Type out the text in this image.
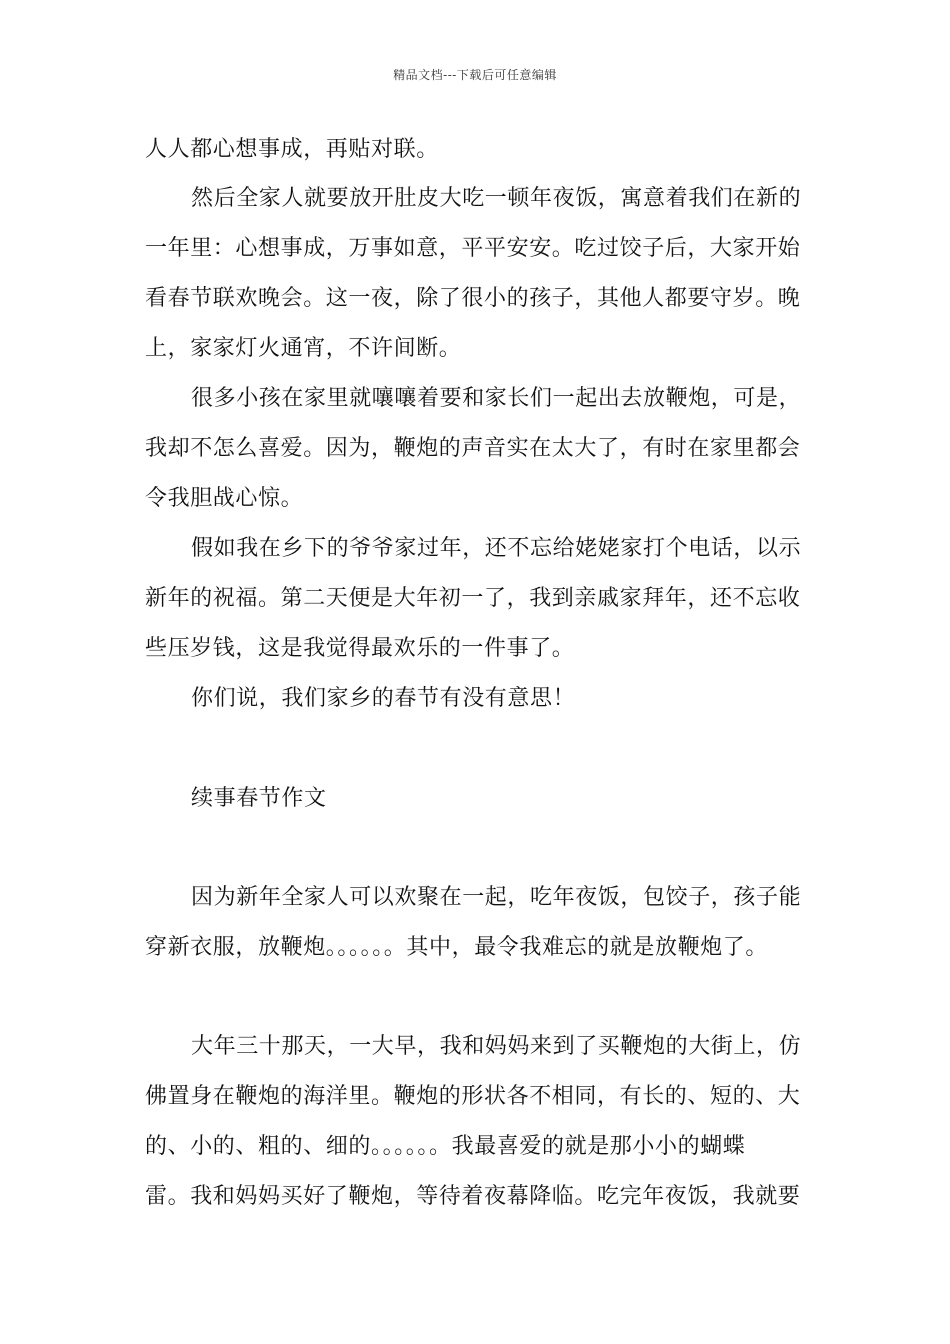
精品文档---下载后可任意编辑
人人都心想事成，再贴对联。
然后全家人就要放开肚皮大吃一顿年夜饭，寓意着我们在新的
一年里：心想事成，万事如意，平平安安。吃过饺子后，大家开始
看春节联欢晚会。这一夜，除了很小的孩子，其他人都要守岁。晚
上，家家灯火通宵，不许间断。
很多小孩在家里就嚷嚷着要和家长们一起出去放鞭炮，可是，
我却不怎么喜爱。因为，鞭炮的声音实在太大了，有时在家里都会
令我胆战心惊。
假如我在乡下的爷爷家过年，还不忘给姥姥家打个电话，以示
新年的祝福。第二天便是大年初一了，我到亲戚家拜年，还不忘收
些压岁钱，这是我觉得最欢乐的一件事了。
你们说，我们家乡的春节有没有意思！
续事春节作文
因为新年全家人可以欢聚在一起，吃年夜饭，包饺子，孩子能
穿新衣服，放鞭炮。。。。。。其中，最令我难忘的就是放鞭炮了。
大年三十那天，一大早，我和妈妈来到了买鞭炮的大街上，仿
佛置身在鞭炮的海洋里。鞭炮的形状各不相同，有长的、短的、大
的、小的、粗的、细的。。。。。。我最喜爱的就是那小小的蝴蝶
雷。我和妈妈买好了鞭炮，等待着夜幕降临。吃完年夜饭，我就要
